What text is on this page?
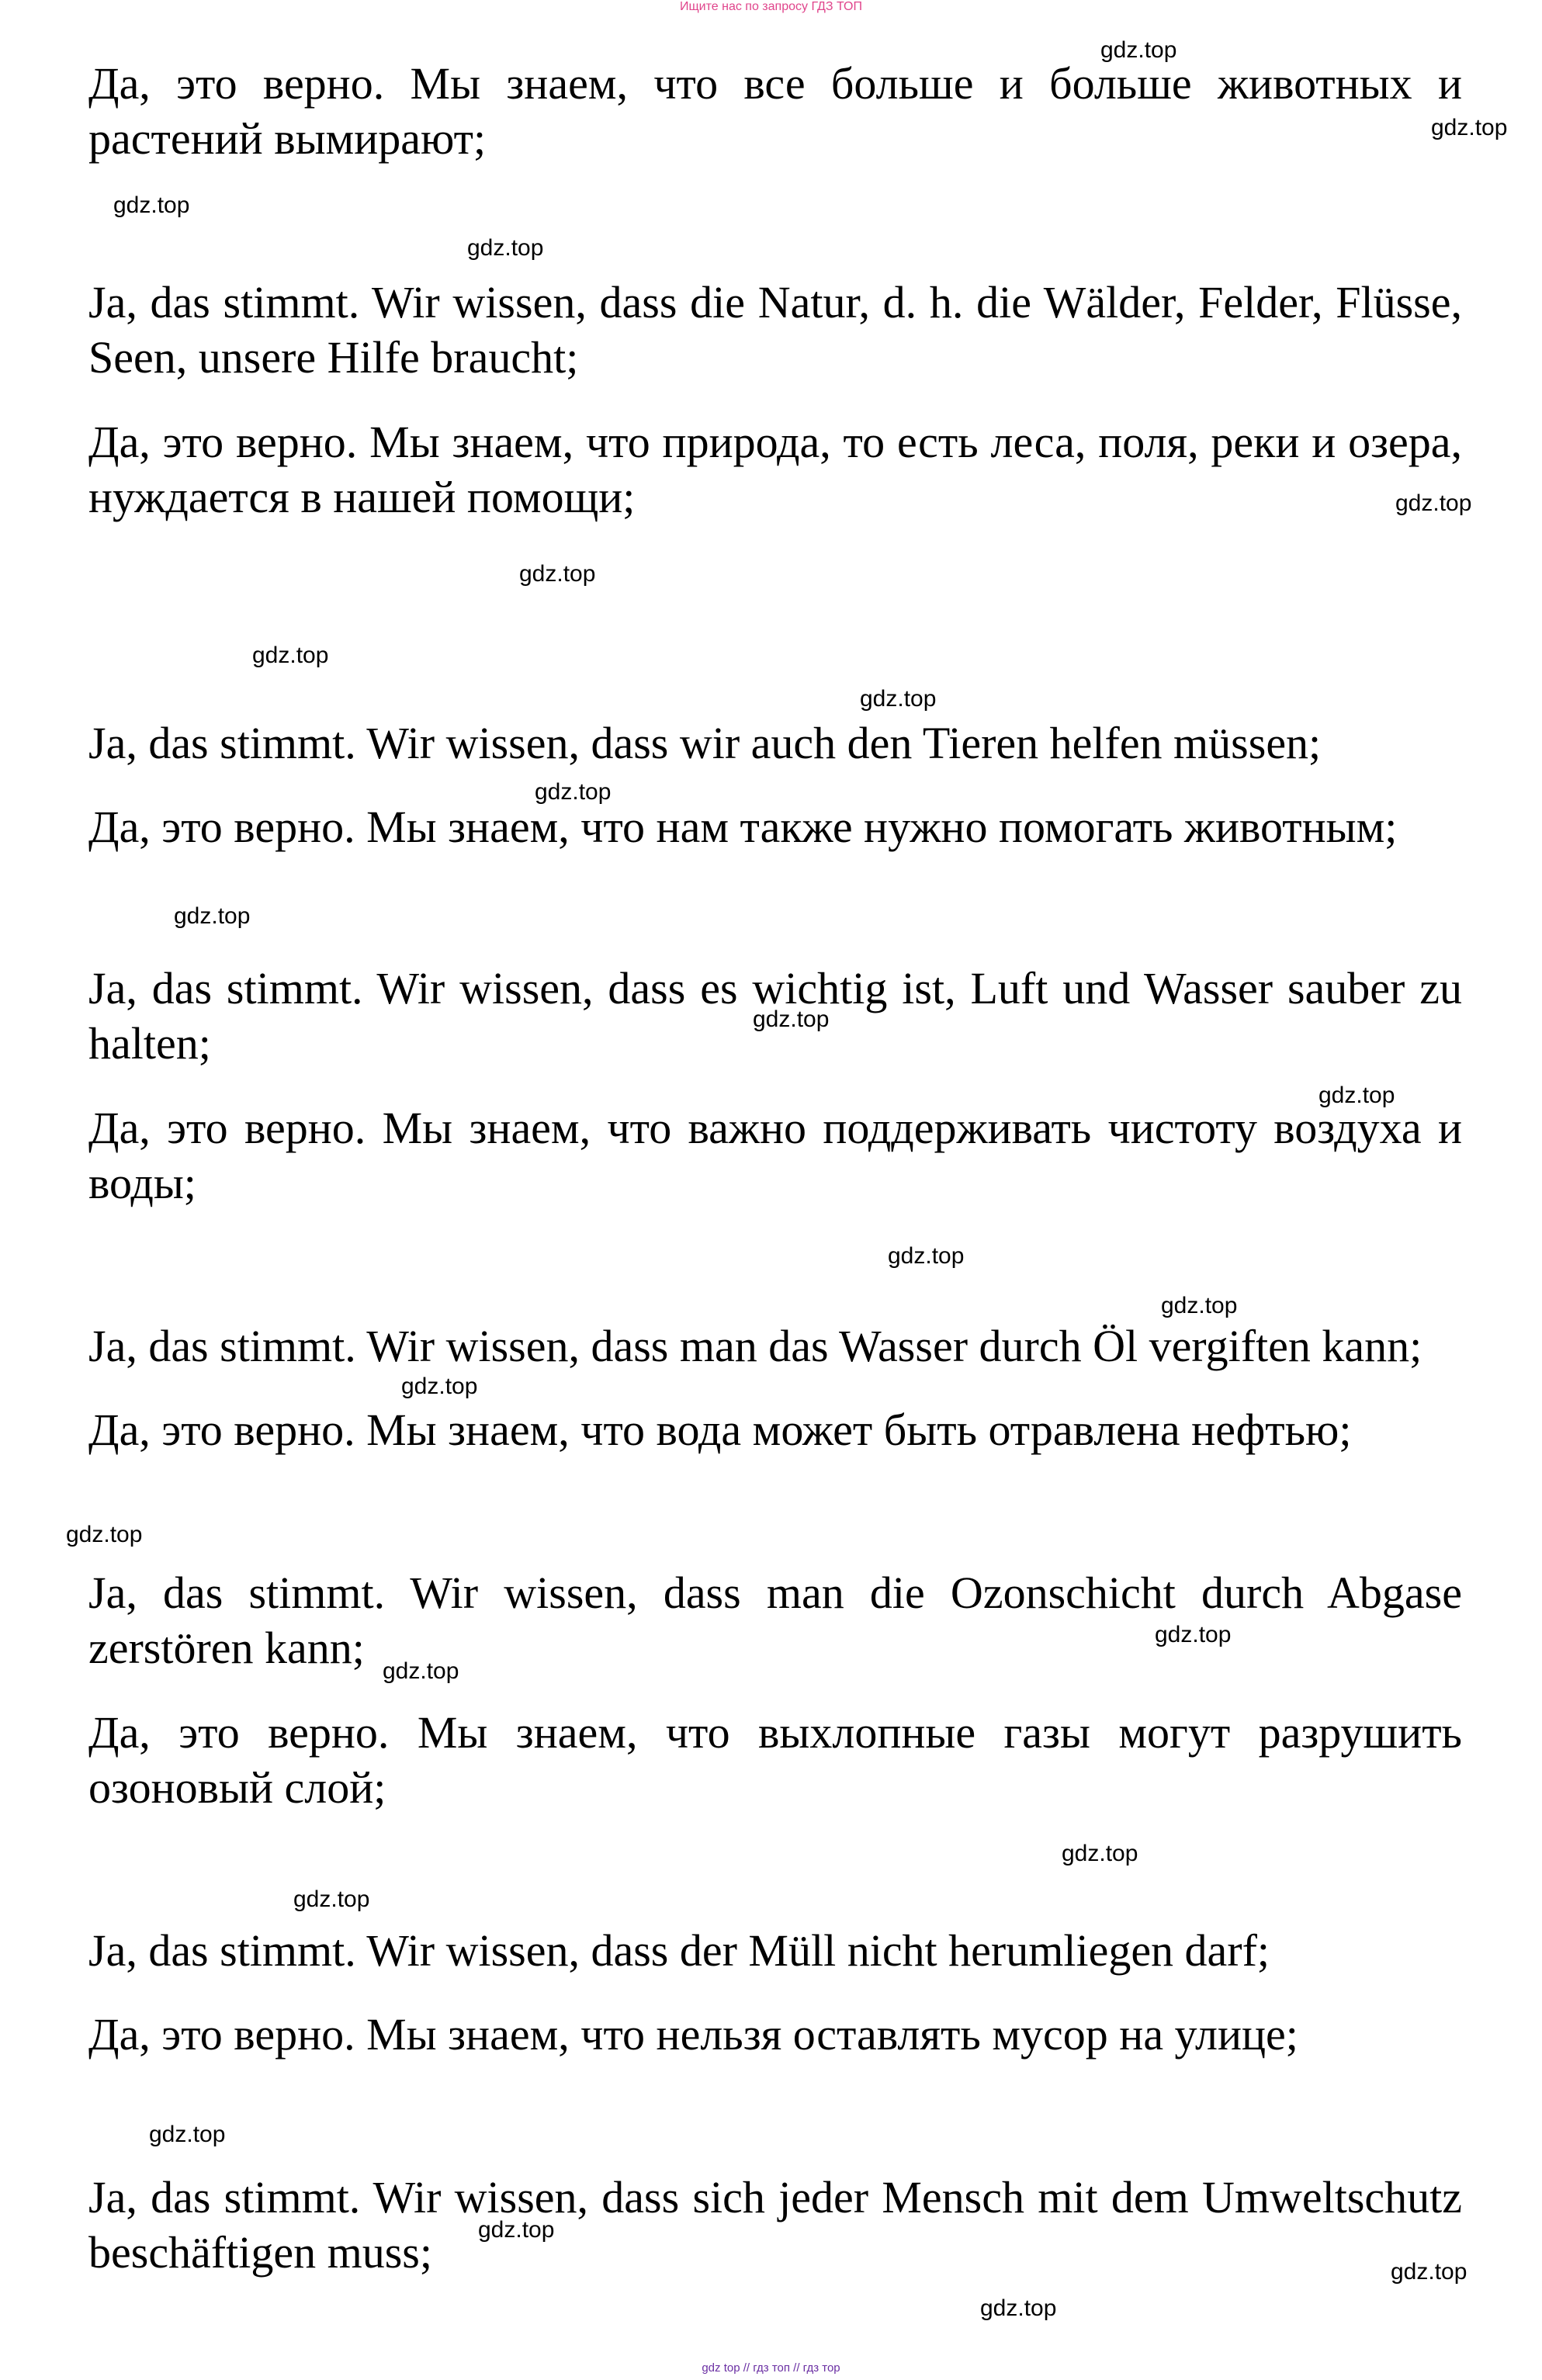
Ищите нас по запросу ГДЗ ТОП

Да, это верно. Мы знаем, что все больше и больше животных и растений вымирают;

Ja, das stimmt. Wir wissen, dass die Natur, d. h. die Wälder, Felder, Flüsse, Seen, unsere Hilfe braucht;

Да, это верно. Мы знаем, что природа, то есть леса, поля, реки и озера, нуждается в нашей помощи;

Ja, das stimmt. Wir wissen, dass wir auch den Tieren helfen müssen;

Да, это верно. Мы знаем, что нам также нужно помогать животным;

Ja, das stimmt. Wir wissen, dass es wichtig ist, Luft und Wasser sauber zu halten;

Да, это верно. Мы знаем, что важно поддерживать чистоту воздуха и воды;

Ja, das stimmt. Wir wissen, dass man das Wasser durch Öl vergiften kann;

Да, это верно. Мы знаем, что вода может быть отравлена нефтью;

Ja, das stimmt. Wir wissen, dass man die Ozonschicht durch Abgase zerstören kann;

Да, это верно. Мы знаем, что выхлопные газы могут разрушить озоновый слой;

Ja, das stimmt. Wir wissen, dass der Müll nicht herumliegen darf;

Да, это верно. Мы знаем, что нельзя оставлять мусор на улице;

Ja, das stimmt. Wir wissen, dass sich jeder Mensch mit dem Umweltschutz beschäftigen muss;

gdz.top
gdz.top
gdz.top
gdz.top
gdz.top
gdz.top
gdz.top
gdz.top
gdz.top
gdz.top
gdz.top
gdz.top
gdz.top
gdz.top
gdz.top
gdz.top
gdz.top
gdz.top
gdz.top
gdz.top
gdz.top
gdz.top
gdz.top
gdz.top
gdz top // гдз топ // гдз тор
